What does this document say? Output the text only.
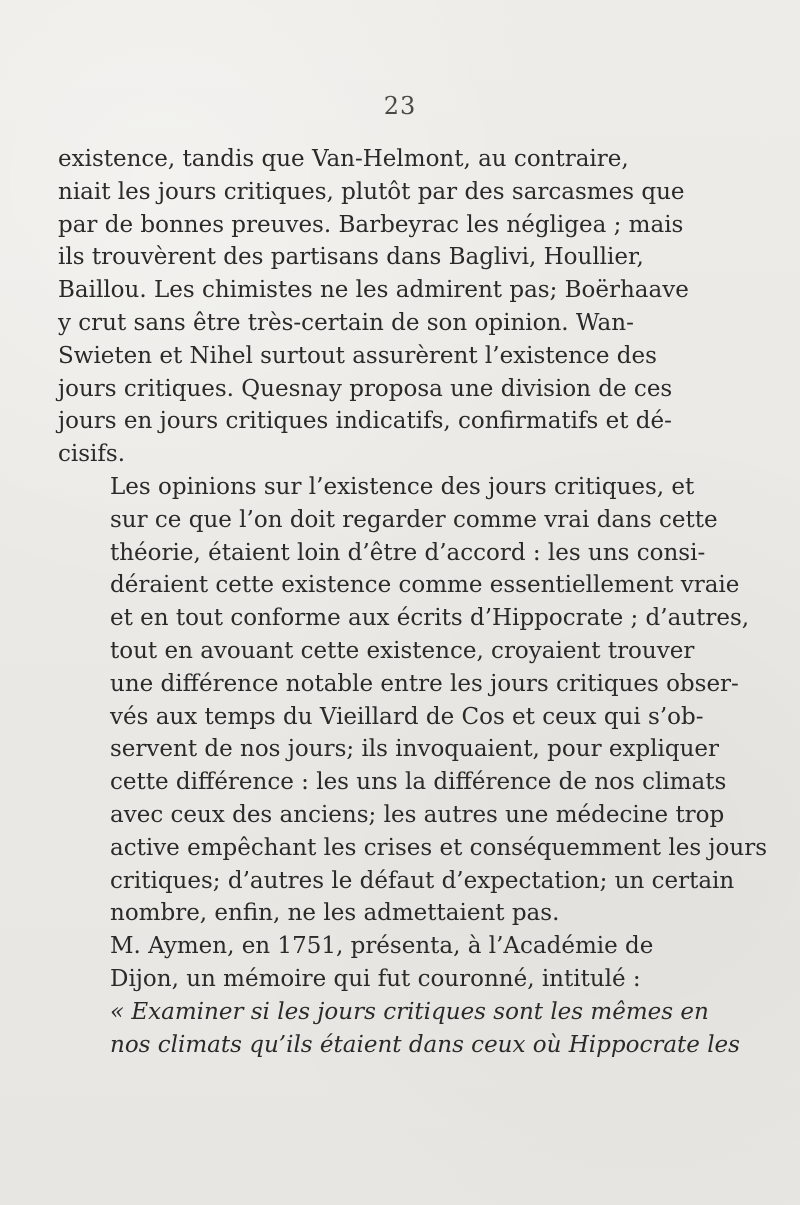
23

existence, tandis que Van-Helmont, au contraire,
niait les jours critiques, plutôt par des sarcasmes que
par de bonnes preuves. Barbeyrac les négligea ; mais
ils trouvèrent des partisans dans Baglivi, Houllier,
Baillou. Les chimistes ne les admirent pas; Boërhaave
y crut sans être très-certain de son opinion. Wan-
Swieten et Nihel surtout assurèrent l’existence des
jours critiques. Quesnay proposa une division de ces
jours en jours critiques indicatifs, confirmatifs et dé-
cisifs.

Les opinions sur l’existence des jours critiques, et
sur ce que l’on doit regarder comme vrai dans cette
théorie, étaient loin d’être d’accord : les uns consi-
déraient cette existence comme essentiellement vraie
et en tout conforme aux écrits d’Hippocrate ; d’autres,
tout en avouant cette existence, croyaient trouver
une différence notable entre les jours critiques obser-
vés aux temps du Vieillard de Cos et ceux qui s’ob-
servent de nos jours; ils invoquaient, pour expliquer
cette différence : les uns la différence de nos climats
avec ceux des anciens; les autres une médecine trop
active empêchant les crises et conséquemment les jours
critiques; d’autres le défaut d’expectation; un certain
nombre, enfin, ne les admettaient pas.

M. Aymen, en 1751, présenta, à l’Académie de
Dijon, un mémoire qui fut couronné, intitulé :
« Examiner si les jours critiques sont les mêmes en
nos climats qu’ils étaient dans ceux où Hippocrate les
